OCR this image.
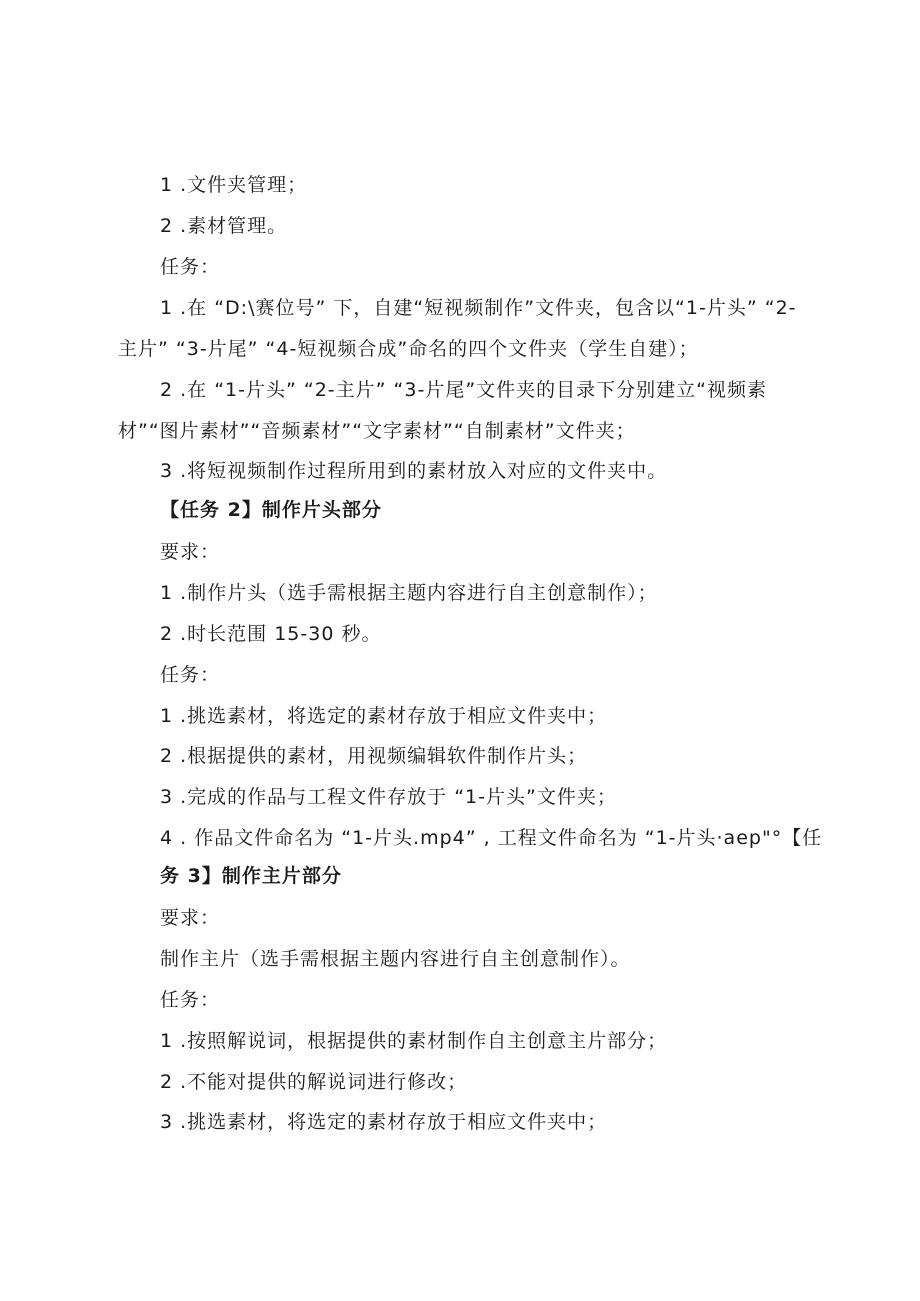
1 .文件夹管理；
2 .素材管理。
任务：
1 .在 “D:\赛位号” 下，自建“短视频制作”文件夹，包含以“1-片头” “2-
主片” “3-片尾” “4-短视频合成”命名的四个文件夹（学生自建）；
2 .在 “1-片头” “2-主片” “3-片尾”文件夹的目录下分别建立“视频素
材”“图片素材”“音频素材”“文字素材”“自制素材”文件夹；
3 .将短视频制作过程所用到的素材放入对应的文件夹中。
【任务 2】制作片头部分
要求：
1 .制作片头（选手需根据主题内容进行自主创意制作）；
2 .时长范围 15-30 秒。
任务：
1 .挑选素材，将选定的素材存放于相应文件夹中；
2 .根据提供的素材，用视频编辑软件制作片头；
3 .完成的作品与工程文件存放于 “1-片头”文件夹；
4 . 作品文件命名为 “1-片头.mp4” , 工程文件命名为 “1-片头·aep"°【任
务 3】制作主片部分
要求：
制作主片（选手需根据主题内容进行自主创意制作）。
任务：
1 .按照解说词，根据提供的素材制作自主创意主片部分；
2 .不能对提供的解说词进行修改；
3 .挑选素材，将选定的素材存放于相应文件夹中；
